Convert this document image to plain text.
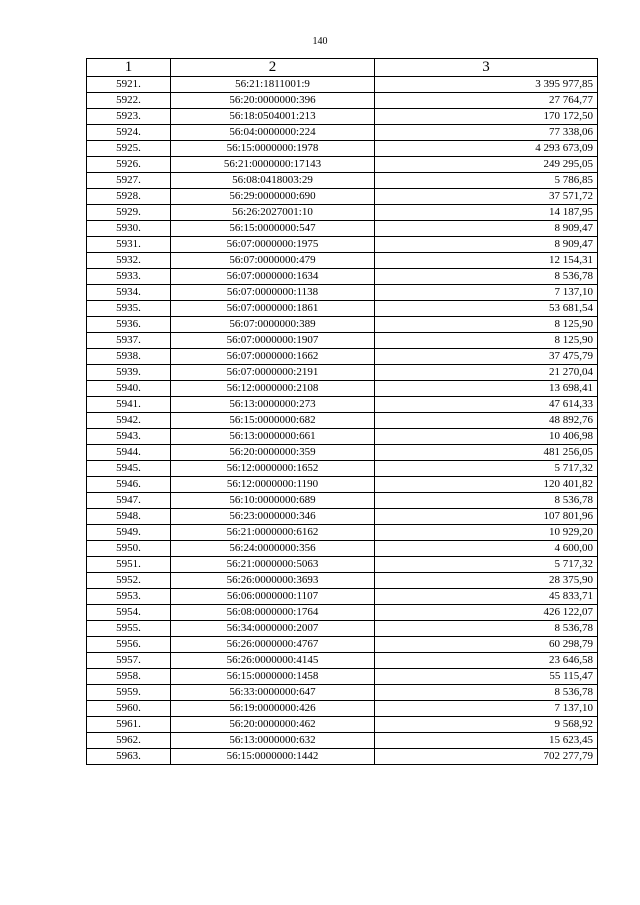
140
1	2	3
5921.	56:21:1811001:9	3 395 977,85
5922.	56:20:0000000:396	27 764,77
5923.	56:18:0504001:213	170 172,50
5924.	56:04:0000000:224	77 338,06
5925.	56:15:0000000:1978	4 293 673,09
5926.	56:21:0000000:17143	249 295,05
5927.	56:08:0418003:29	5 786,85
5928.	56:29:0000000:690	37 571,72
5929.	56:26:2027001:10	14 187,95
5930.	56:15:0000000:547	8 909,47
5931.	56:07:0000000:1975	8 909,47
5932.	56:07:0000000:479	12 154,31
5933.	56:07:0000000:1634	8 536,78
5934.	56:07:0000000:1138	7 137,10
5935.	56:07:0000000:1861	53 681,54
5936.	56:07:0000000:389	8 125,90
5937.	56:07:0000000:1907	8 125,90
5938.	56:07:0000000:1662	37 475,79
5939.	56:07:0000000:2191	21 270,04
5940.	56:12:0000000:2108	13 698,41
5941.	56:13:0000000:273	47 614,33
5942.	56:15:0000000:682	48 892,76
5943.	56:13:0000000:661	10 406,98
5944.	56:20:0000000:359	481 256,05
5945.	56:12:0000000:1652	5 717,32
5946.	56:12:0000000:1190	120 401,82
5947.	56:10:0000000:689	8 536,78
5948.	56:23:0000000:346	107 801,96
5949.	56:21:0000000:6162	10 929,20
5950.	56:24:0000000:356	4 600,00
5951.	56:21:0000000:5063	5 717,32
5952.	56:26:0000000:3693	28 375,90
5953.	56:06:0000000:1107	45 833,71
5954.	56:08:0000000:1764	426 122,07
5955.	56:34:0000000:2007	8 536,78
5956.	56:26:0000000:4767	60 298,79
5957.	56:26:0000000:4145	23 646,58
5958.	56:15:0000000:1458	55 115,47
5959.	56:33:0000000:647	8 536,78
5960.	56:19:0000000:426	7 137,10
5961.	56:20:0000000:462	9 568,92
5962.	56:13:0000000:632	15 623,45
5963.	56:15:0000000:1442	702 277,79
